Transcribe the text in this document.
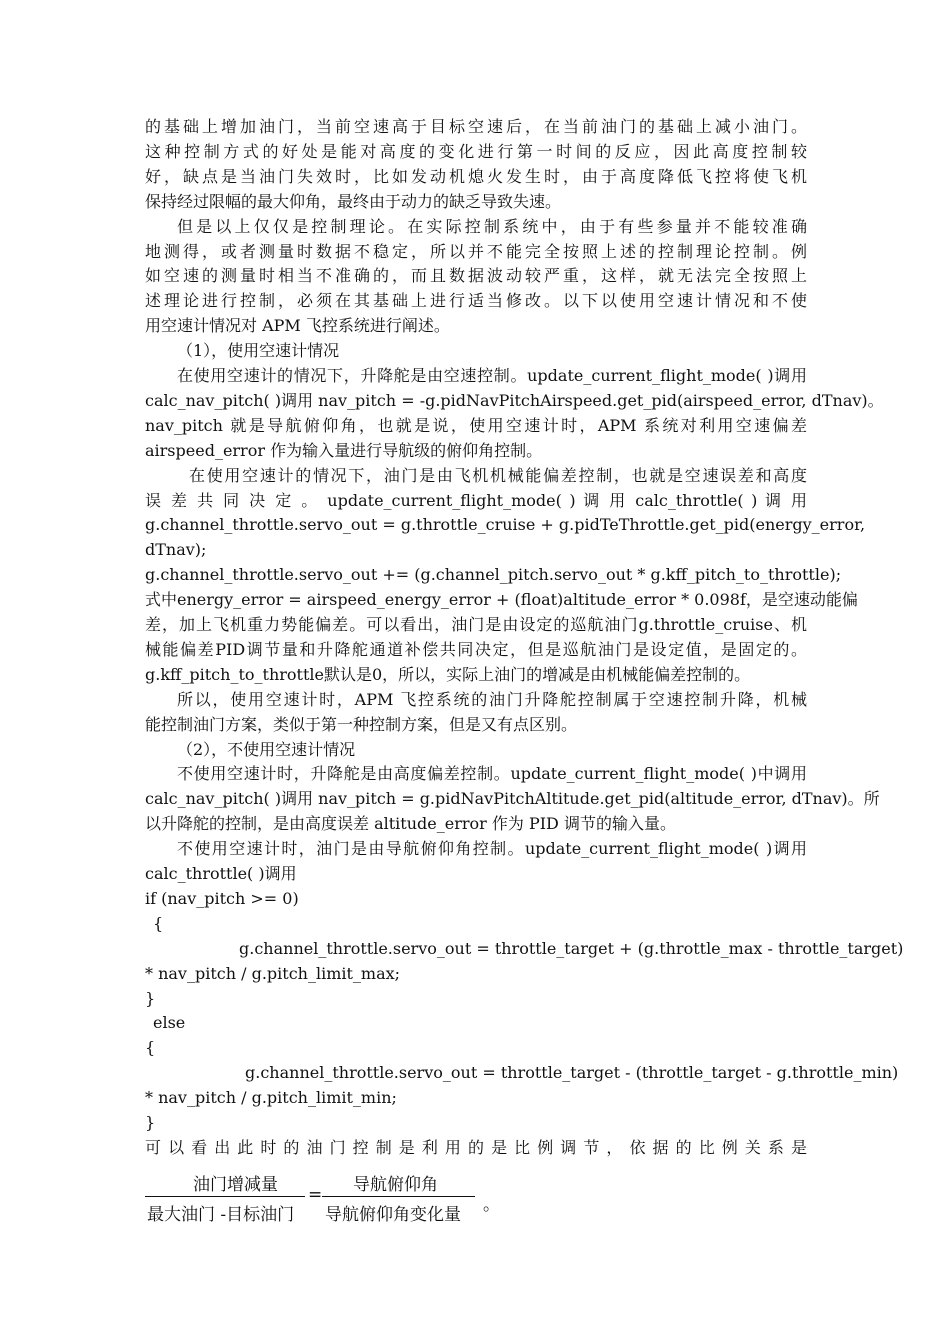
的基础上增加油门，当前空速高于目标空速后，在当前油门的基础上减小油门。
这种控制方式的好处是能对高度的变化进行第一时间的反应，因此高度控制较
好，缺点是当油门失效时，比如发动机熄火发生时，由于高度降低飞控将使飞机
保持经过限幅的最大仰角，最终由于动力的缺乏导致失速。
但是以上仅仅是控制理论。在实际控制系统中，由于有些参量并不能较准确
地测得，或者测量时数据不稳定，所以并不能完全按照上述的控制理论控制。例
如空速的测量时相当不准确的，而且数据波动较严重，这样，就无法完全按照上
述理论进行控制，必须在其基础上进行适当修改。以下以使用空速计情况和不使
用空速计情况对 APM 飞控系统进行阐述。
（1），使用空速计情况
在使用空速计的情况下，升降舵是由空速控制。update_current_flight_mode( )调用
calc_nav_pitch( )调用 nav_pitch = -g.pidNavPitchAirspeed.get_pid(airspeed_error, dTnav)。
nav_pitch 就是导航俯仰角，也就是说，使用空速计时，APM 系统对利用空速偏差
airspeed_error 作为输入量进行导航级的俯仰角控制。
在使用空速计的情况下，油门是由飞机机械能偏差控制，也就是空速误差和高度
误 差 共 同 决 定 。 update_current_flight_mode( ) 调 用 calc_throttle( ) 调 用
g.channel_throttle.servo_out = g.throttle_cruise + g.pidTeThrottle.get_pid(energy_error,
dTnav);
g.channel_throttle.servo_out += (g.channel_pitch.servo_out * g.kff_pitch_to_throttle);
式中energy_error = airspeed_energy_error + (float)altitude_error * 0.098f，是空速动能偏
差，加上飞机重力势能偏差。可以看出，油门是由设定的巡航油门g.throttle_cruise、机
械能偏差PID调节量和升降舵通道补偿共同决定，但是巡航油门是设定值，是固定的。
g.kff_pitch_to_throttle默认是0，所以，实际上油门的增减是由机械能偏差控制的。
所以，使用空速计时，APM 飞控系统的油门升降舵控制属于空速控制升降，机械
能控制油门方案，类似于第一种控制方案，但是又有点区别。
（2），不使用空速计情况
不使用空速计时，升降舵是由高度偏差控制。update_current_flight_mode( )中调用
calc_nav_pitch( )调用 nav_pitch = g.pidNavPitchAltitude.get_pid(altitude_error, dTnav)。所
以升降舵的控制，是由高度误差 altitude_error 作为 PID 调节的输入量。
不使用空速计时，油门是由导航俯仰角控制。update_current_flight_mode( )调用
calc_throttle( )调用
if (nav_pitch >= 0)
{
g.channel_throttle.servo_out = throttle_target + (g.throttle_max - throttle_target)
* nav_pitch / g.pitch_limit_max;
}
else
{
g.channel_throttle.servo_out = throttle_target - (throttle_target - g.throttle_min)
* nav_pitch / g.pitch_limit_min;
}
可 以 看 出 此 时 的 油 门 控 制 是 利 用 的 是 比 例 调 节 ， 依 据 的 比 例 关 系 是
油门增减量
最大油门 -目标油门
= 导航俯仰角
导航俯仰角变化量 。
